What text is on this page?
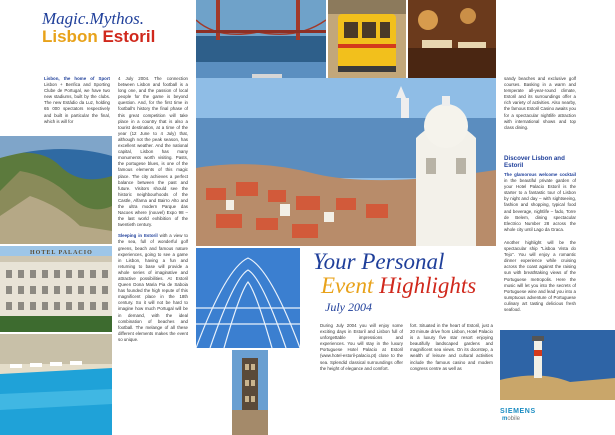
Magic.Mythos.
Lisbon Estoril
Lisbon, the home of Sport Lisbon + Benfica and Sporting Clube de Portugal, we have two new stadiums, built by the clubs. The new Estádio da Luz, holding 65 000 spectators respectively and built in particular the final, which is will for

4 July 2004. The connection between Lisbon and football is a long one, and the passion of local people for the game is beyond question. And, for the first time in football's history the final phase of this great competition will take place in a country that is also a tourist destination, at a time of the year (12 June to 4 July) that, although not the peak season, has excellent weather. And the national capital, Lisbon has many monuments worth visiting. Pasts, the portugese blues, is one of the famous elements of this magic place. The city achieves a perfect balance between the past and future. Visitors should see the historic neighbourhoods of the Castle, Alfama and Bairro Alto and the ultra modern Parque das Nacoes where (nouvel) Expo 98 – the last world exhibition of the twentieth century.

Sleeping in Estoril with a view to the sea, full of wonderful golf greens, beach and famous nature experiences, going to see a game in Lisbon, having a fun and returning to base will provide a whole series of imaginative and attractive possibilities. At Estoril Queen Dona Maria Pia de Saboia has founded the high repute of this magnificent place in the 18th century. So it will not be hard to imagine how much Portugal will be in demand, with the ideal combination of beaches and football. The melange of all these different elements makes the event so unique.

HOTEL PALACIO
sandy beaches and exclusive golf courses. Basking in a warm and temperate all-year-round climate, Estoril and its surroundings offer a rich variety of activities. Also nearby, the famous Estoril Casino awaits you for a spectacular nightlife attraction with international shows and top class dining.
Discover Lisbon and Estoril
The glamorous welcome cocktail in the beautiful private garden of your Hotel Palacio Estoril is the starter to a fantastic tour of Lisbon by night and day – with sightseeing, fashion and shopping, typical food and beverage, nightlife – fado, Torre de Belem, dining spectacular Electrico Number 28 across the whole city until Lago da Graca.
Another highlight will be the spectacular ship "Lisboa Vista do Tejo". You will enjoy a romantic dinner experience while cruising across the coast against the raising sun with breathtaking views of the Portuguese metropolis. Here the music will let you into the secrets of Portuguese wine and lead you into a sumptuous adventure of Portuguese culinary art tasting delicious fresh seafood.
Your Personal
Event Highlights
July 2004
During July 2004 you will enjoy some exciting days in Estoril and Lisbon full of unforgettable impressions and experiences. You will stay in the luxury Portuguese Hotel Palacio at Estoril (www.hotel-estoril-palacio.pt) close to the sea. Splendid classical surroundings offer the height of elegance and comfort.
fort. Situated in the heart of Estoril, just a 20 minute drive from Lisbon, Hotel Palacio is a luxury five star resort enjoying beautifully landscaped gardens and magnificent sea views. On its doorstep, a wealth of leisure and cultural activities include the famous casino and modern congress centre as well as
SIEMENS
mobile
